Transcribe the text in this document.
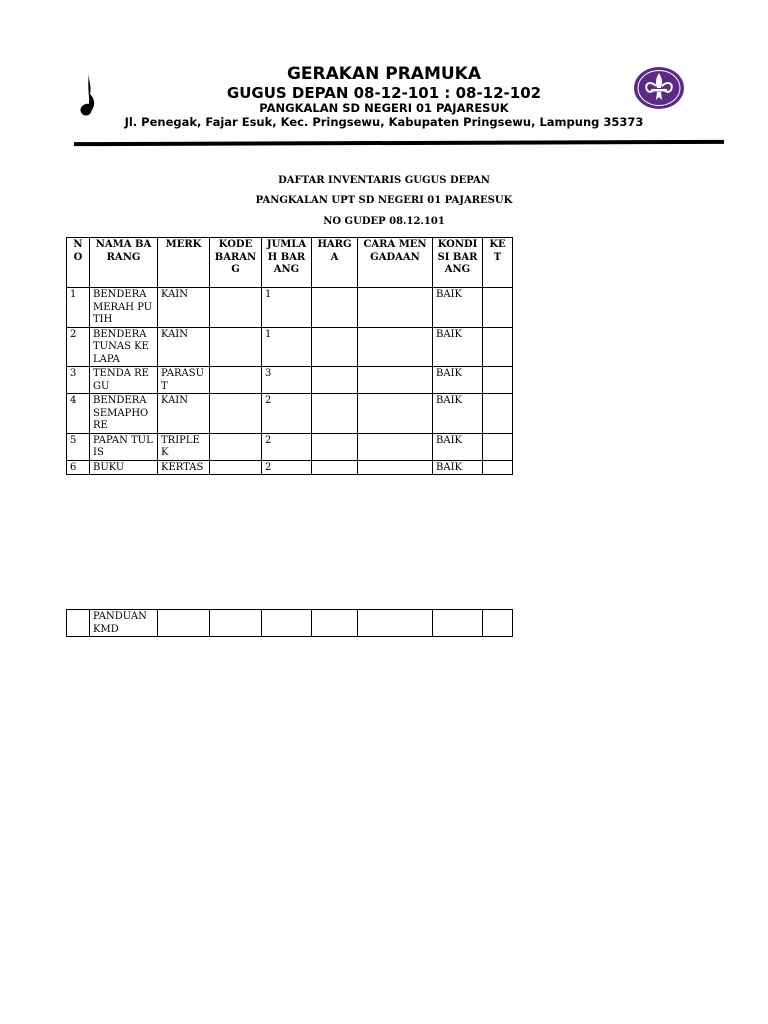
GERAKAN PRAMUKA
GUGUS DEPAN 08-12-101 : 08-12-102
PANGKALAN SD NEGERI 01 PAJARESUK
Jl. Penegak, Fajar Esuk, Kec. Pringsewu, Kabupaten Pringsewu, Lampung 35373
DAFTAR INVENTARIS GUGUS DEPAN
PANGKALAN UPT SD NEGERI 01 PAJARESUK
NO GUDEP 08.12.101
NO	NAMA BARANG	MERK	KODE BARANG	JUMLAH BARANG	HARGA	CARA MENGADAAN	KONDISI BARANG	KET
1	BENDERA MERAH PUTIH	KAIN		1			BAIK	
2	BENDERA TUNAS KELAPA	KAIN		1			BAIK	
3	TENDA REGU	PARASUT		3			BAIK	
4	BENDERA SEMAPHORE	KAIN		2			BAIK	
5	PAPAN TULIS	TRIPLEK		2			BAIK	
6	BUKU	KERTAS		2			BAIK	
	PANDUAN KMD							
